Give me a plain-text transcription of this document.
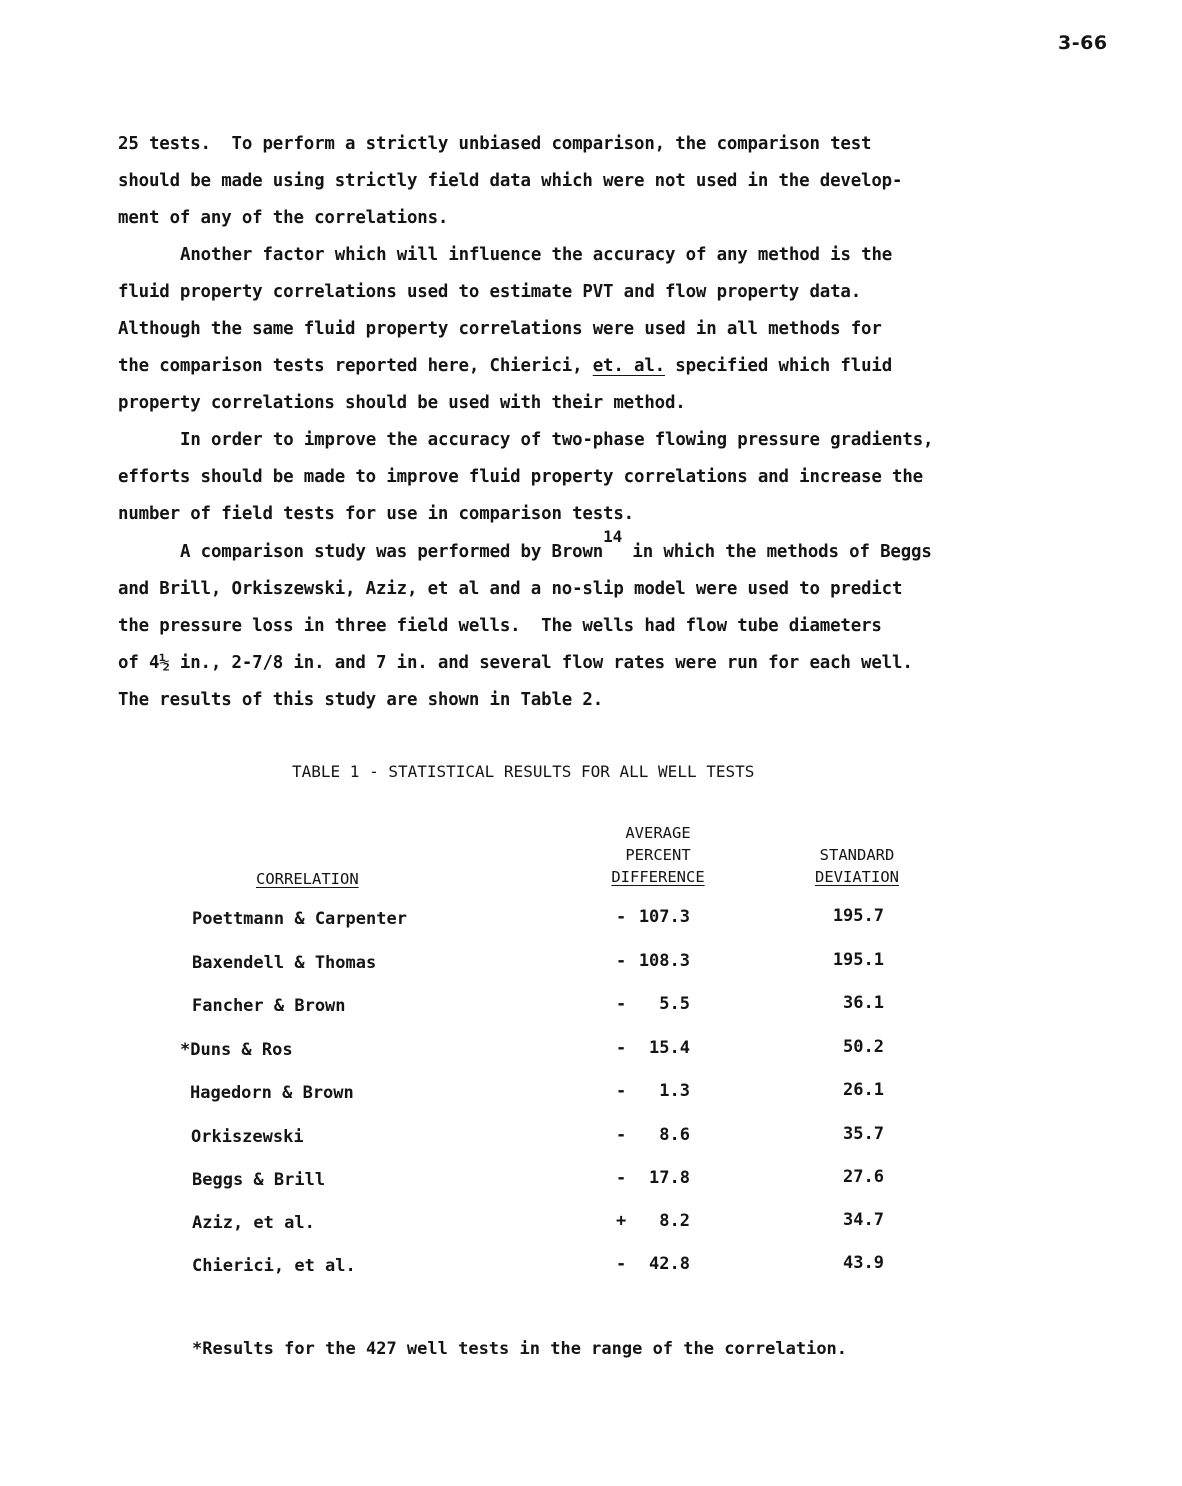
3-66
25 tests.  To perform a strictly unbiased comparison, the comparison test
should be made using strictly field data which were not used in the develop-
ment of any of the correlations.
Another factor which will influence the accuracy of any method is the
fluid property correlations used to estimate PVT and flow property data.
Although the same fluid property correlations were used in all methods for
the comparison tests reported here, Chierici, et. al. specified which fluid
property correlations should be used with their method.
In order to improve the accuracy of two-phase flowing pressure gradients,
efforts should be made to improve fluid property correlations and increase the
number of field tests for use in comparison tests.
A comparison study was performed by Brown14 in which the methods of Beggs
and Brill, Orkiszewski, Aziz, et al and a no-slip model were used to predict
the pressure loss in three field wells.  The wells had flow tube diameters
of 4½ in., 2-7/8 in. and 7 in. and several flow rates were run for each well.
The results of this study are shown in Table 2.
TABLE 1 - STATISTICAL RESULTS FOR ALL WELL TESTS
AVERAGE
PERCENT
DIFFERENCE
STANDARD
DEVIATION
CORRELATION
Poettmann & Carpenter	- 107.3	195.7
Baxendell & Thomas	- 108.3	195.1
Fancher & Brown	-	5.5	36.1
*Duns & Ros	-	15.4	50.2
Hagedorn & Brown	-	1.3	26.1
Orkiszewski	-	8.6	35.7
Beggs & Brill	-	17.8	27.6
Aziz, et al.	+	8.2	34.7
Chierici, et al.	-	42.8	43.9
*Results for the 427 well tests in the range of the correlation.
